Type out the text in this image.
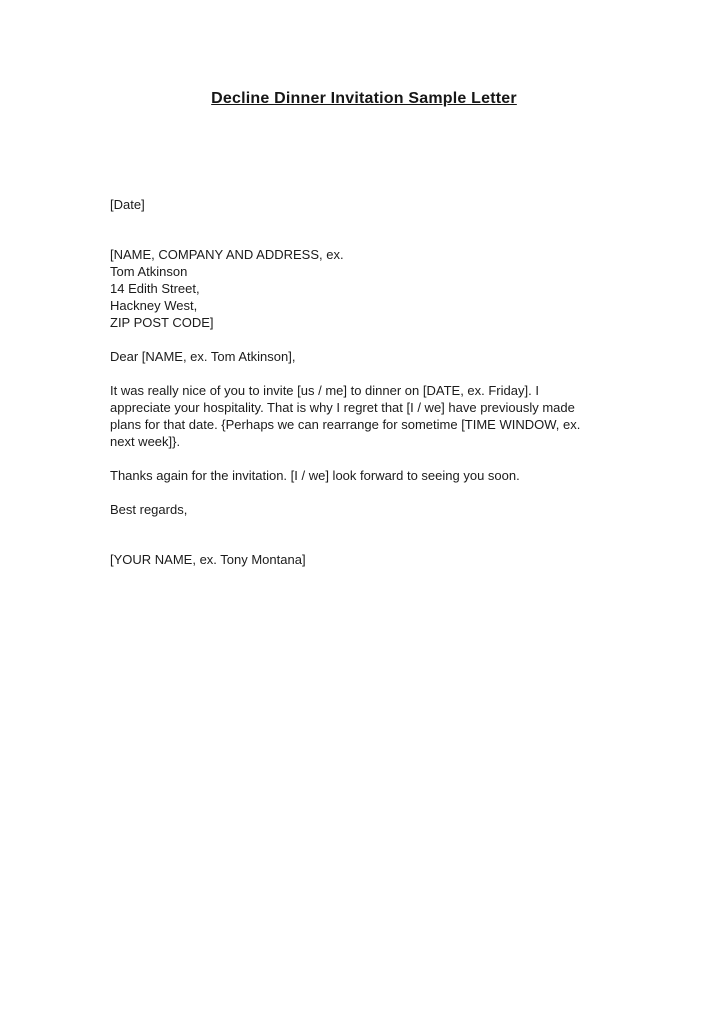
Decline Dinner Invitation Sample Letter

[Date]

[NAME, COMPANY AND ADDRESS, ex.
Tom Atkinson
14 Edith Street,
Hackney West,
ZIP POST CODE]

Dear [NAME, ex. Tom Atkinson],

It was really nice of you to invite [us / me] to dinner on [DATE, ex. Friday]. I appreciate your hospitality. That is why I regret that [I / we] have previously made plans for that date. {Perhaps we can rearrange for sometime [TIME WINDOW, ex. next week]}.

Thanks again for the invitation. [I / we] look forward to seeing you soon.

Best regards,

[YOUR NAME, ex. Tony Montana]
